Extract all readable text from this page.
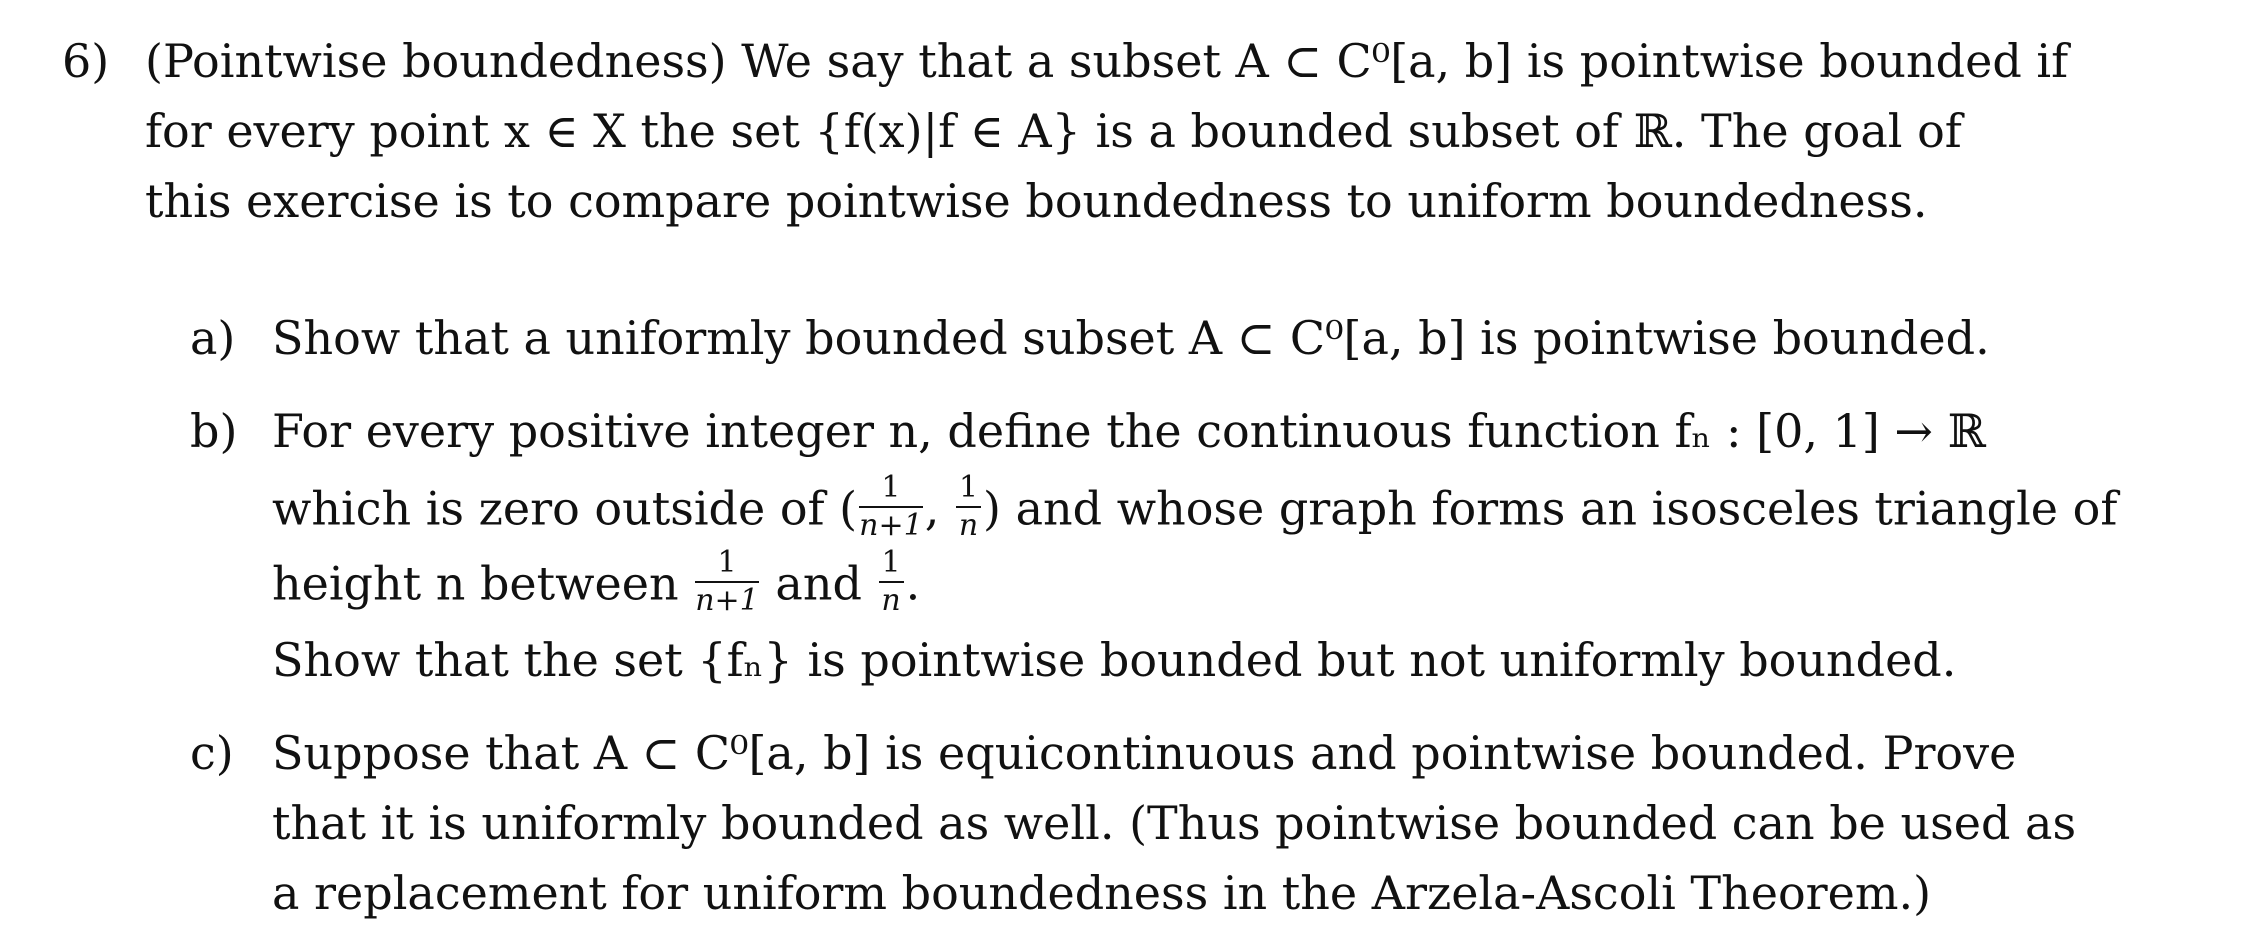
6) (Pointwise boundedness) We say that a subset A ⊂ C⁰[a, b] is pointwise bounded if
for every point x ∈ X the set {f(x)|f ∈ A} is a bounded subset of ℝ. The goal of
this exercise is to compare pointwise boundedness to uniform boundedness.
a) Show that a uniformly bounded subset A ⊂ C⁰[a, b] is pointwise bounded.
b) For every positive integer n, define the continuous function fₙ : [0, 1] → ℝ
which is zero outside of ( $\frac{1}{n+1}$ , $\frac{1}{n}$ ) and whose graph forms an isosceles triangle of
height n between $\frac{1}{n+1}$ and $\frac{1}{n}$ .
Show that the set {fₙ} is pointwise bounded but not uniformly bounded.
c) Suppose that A ⊂ C⁰[a, b] is equicontinuous and pointwise bounded. Prove
that it is uniformly bounded as well. (Thus pointwise bounded can be used as
a replacement for uniform boundedness in the Arzela-Ascoli Theorem.)
